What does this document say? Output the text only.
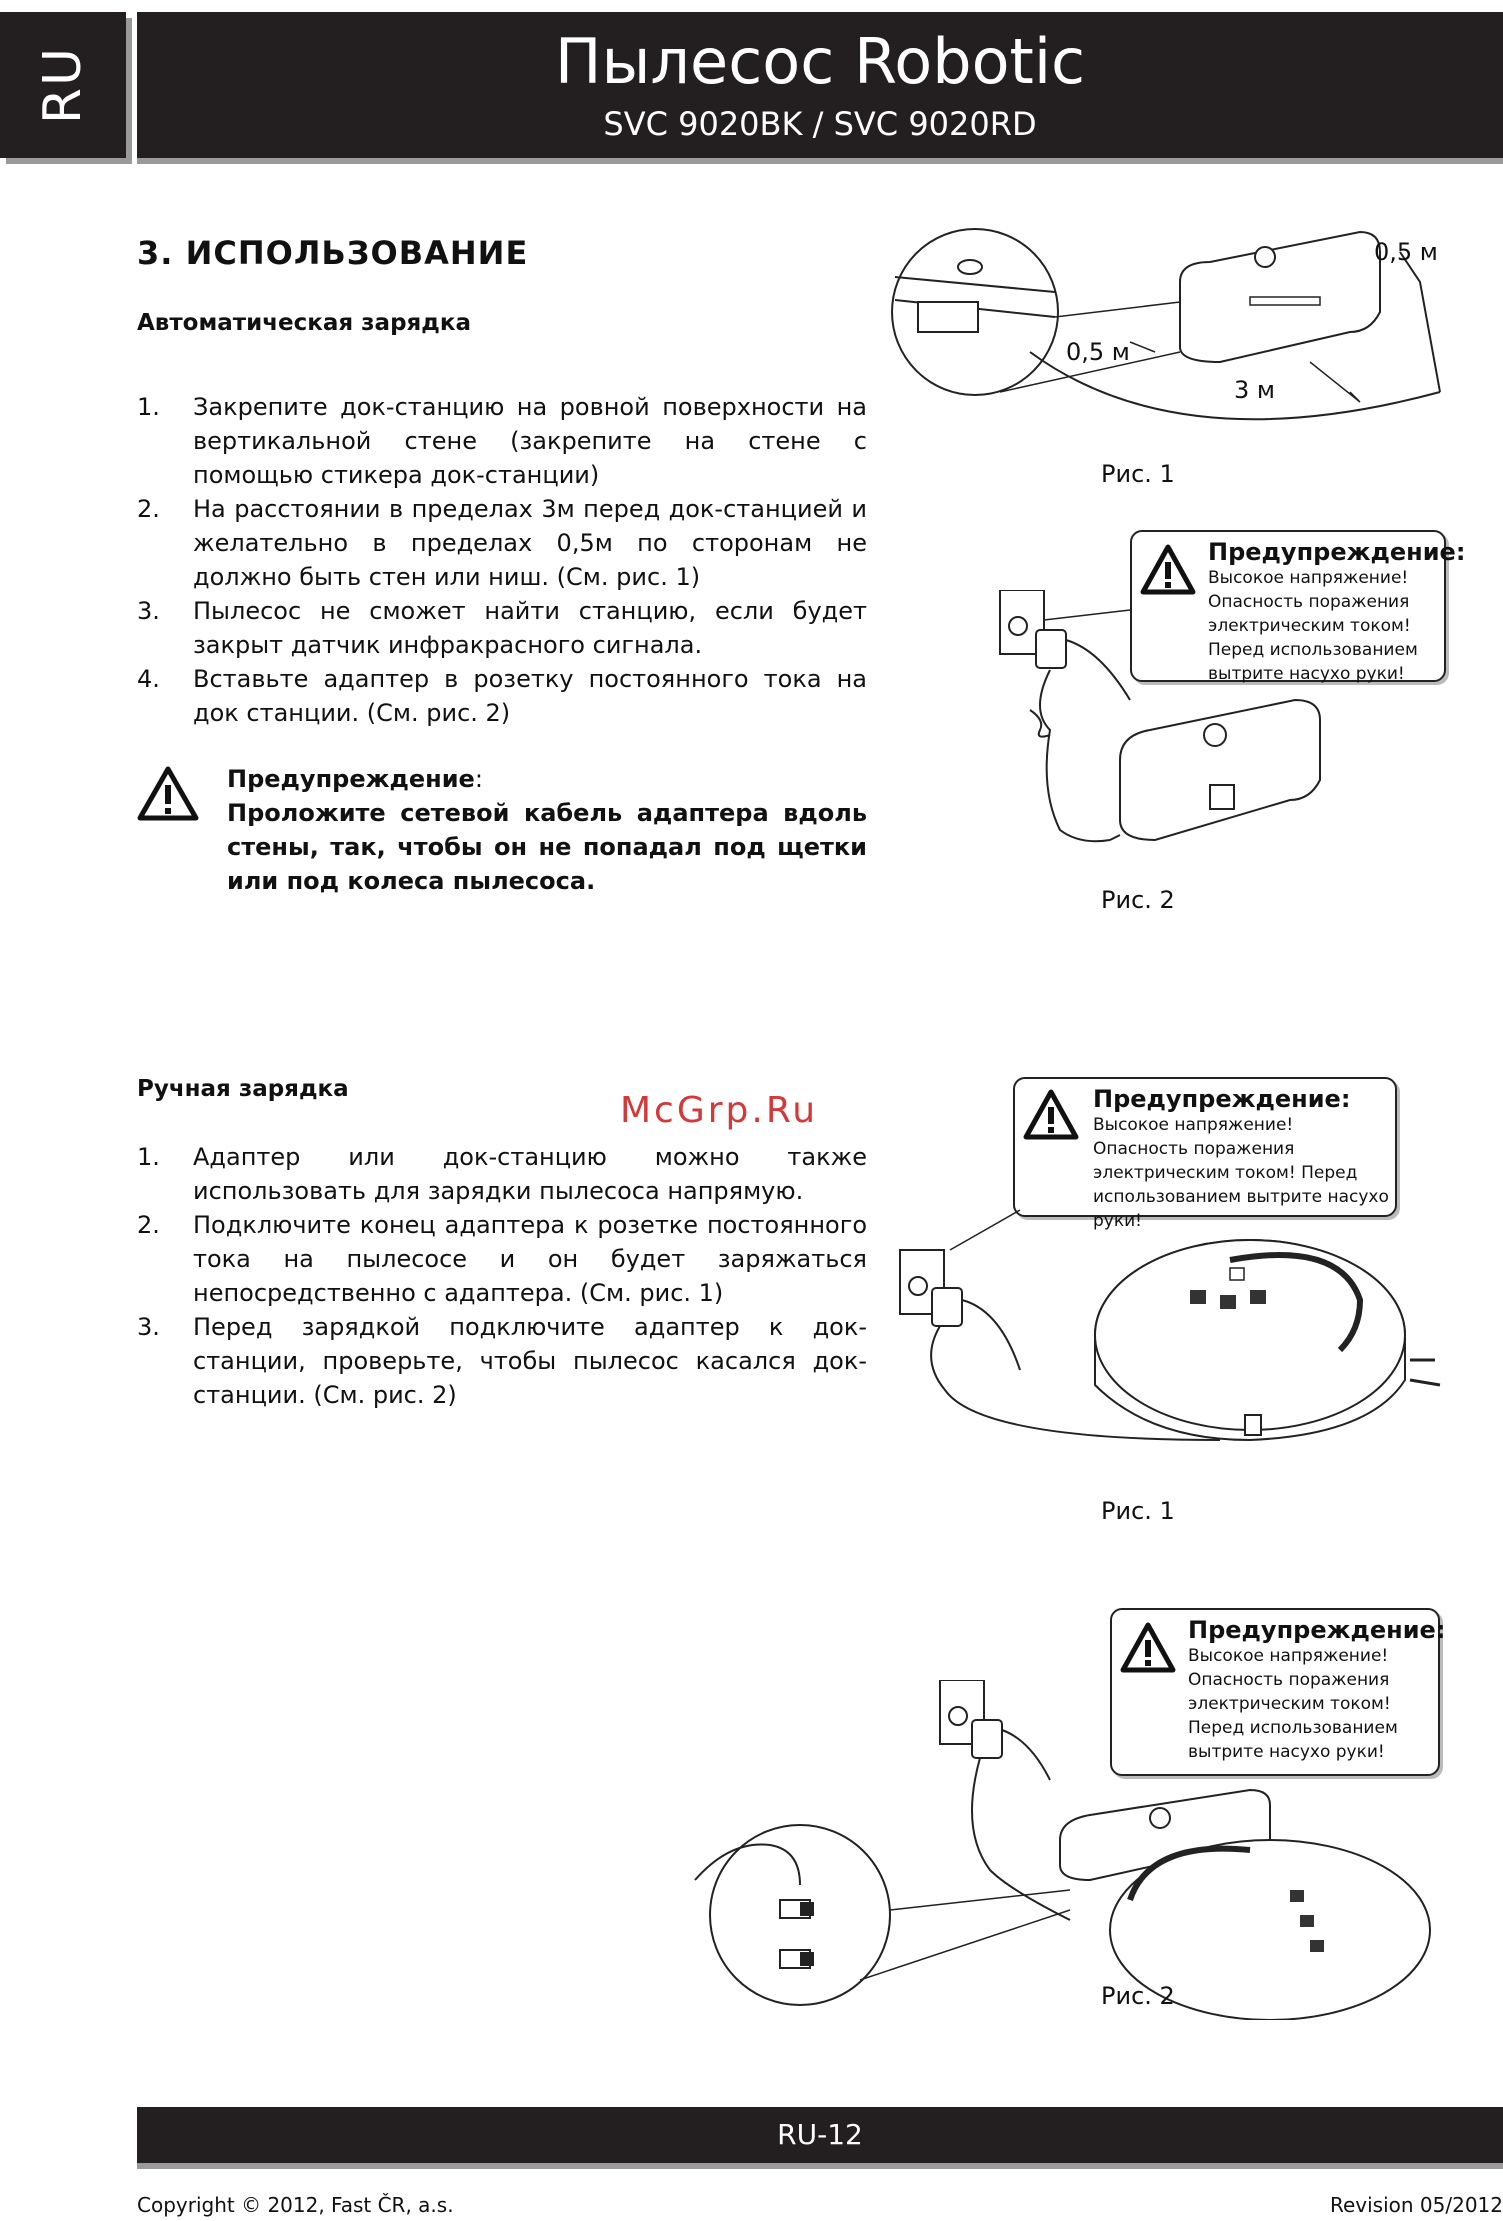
RU	Пылесос Robotic
SVC 9020BK / SVC 9020RD
3. ИСПОЛЬЗОВАНИЕ
Автоматическая зарядка

1. Закрепите док-станцию на ровной поверхности на вертикальной стене (закрепите на стене с помощью стикера док-станции)

2. На расстоянии в пределах 3м перед док-станцией и желательно в пределах 0,5м по сторонам не должно быть стен или ниш. (См. рис. 1)

3. Пылесос не сможет найти станцию, если будет закрыт датчик инфракрасного сигнала.

4. Вставьте адаптер в розетку постоянного тока на док станции. (См. рис. 2)

Предупреждение:
Проложите сетевой кабель адаптера вдоль стены, так, чтобы он не попадал под щетки или под колеса пылесоса.
Ручная зарядка
McGrp.Ru

1. Адаптер или док-станцию можно также использовать для зарядки пылесоса напрямую.

2. Подключите конец адаптера к розетке постоянного тока на пылесосе и он будет заряжаться непосредственно с адаптера. (См. рис. 1)

3. Перед зарядкой подключите адаптер к док-станции, проверьте, чтобы пылесос касался док-станции. (См. рис. 2)

0,5 м
0,5 м
3 м
Рис. 1
Предупреждение:
Высокое напряжение! Опасность поражения электрическим током! Перед использованием вытрите насухо руки!
Рис. 2
Предупреждение:
Высокое напряжение! Опасность поражения электрическим током! Перед использованием вытрите насухо руки!
Рис. 1
Предупреждение:
Высокое напряжение! Опасность поражения электрическим током! Перед использованием вытрите насухо руки!
Рис. 2
RU-12
Copyright © 2012, Fast ČR, a.s.	Revision 05/2012
